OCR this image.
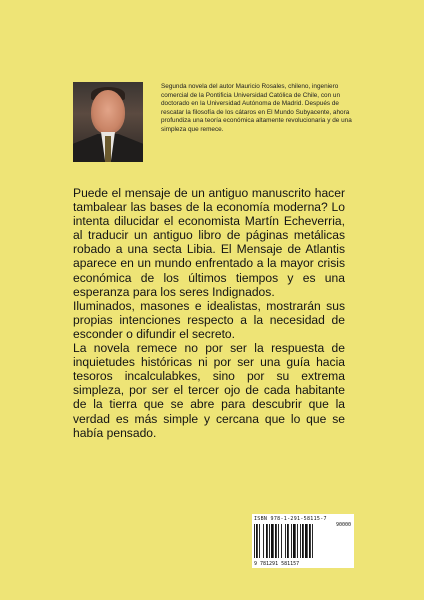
Segunda novela del autor Mauricio Rosales, chileno, ingeniero comercial de la Pontificia Universidad Católica de Chile, con un doctorado en la Universidad Autónoma de Madrid. Después de rescatar la filosofía de los cátaros en El Mundo Subyacente, ahora profundiza una teoría económica altamente revolucionaria y de una simpleza que remece.

Puede el mensaje de un antiguo manuscrito hacer tambalear las bases de la economía moderna? Lo intenta dilucidar el economista Martín Echeverria, al traducir un antiguo libro de páginas metálicas robado a una secta Libia. El Mensaje de Atlantis aparece en un mundo enfrentado a la mayor crisis económica de los últimos tiempos y es una esperanza para los seres Indignados.

Iluminados, masones e idealistas, mostrarán sus propias intenciones respecto a la necesidad de esconder o difundir el secreto.

La novela remece no por ser la respuesta de inquietudes históricas ni por ser una guía hacia tesoros incalculabkes, sino por su extrema simpleza, por ser el tercer ojo de cada habitante de la tierra que se abre para descubrir que la verdad es más simple y cercana que lo que se había pensado.

ISBN 978-1-291-58115-7
90000
9 781291 581157
